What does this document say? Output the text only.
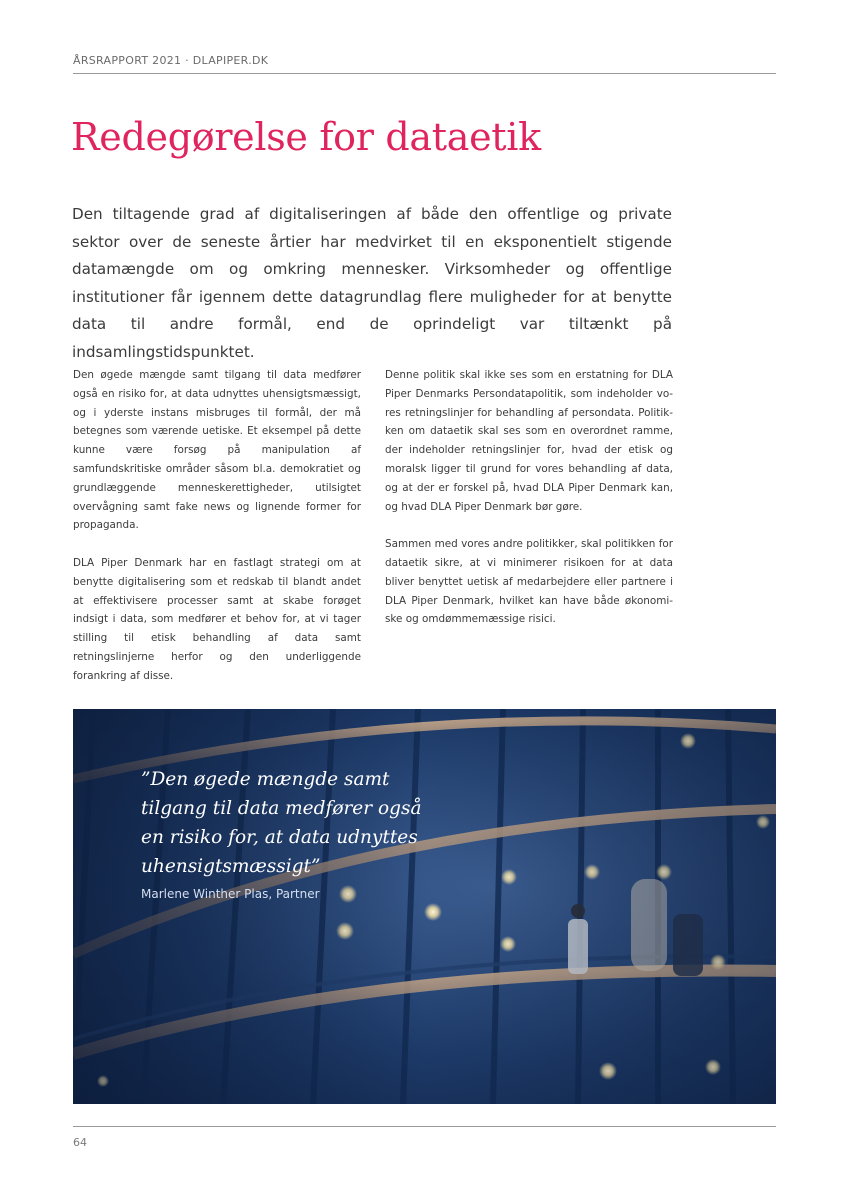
ÅRSRAPPORT 2021 · DLAPIPER.DK
Redegørelse for dataetik

Den tiltagende grad af digitaliseringen af både den offentlige og private sektor over de seneste årtier har medvirket til en eksponentielt stigende datamængde om og omkring mennesker. Virksomheder og offentlige institutioner får igennem dette datagrundlag flere muligheder for at benytte data til andre formål, end de oprindeligt var tiltænkt på indsamlingstidspunktet.

Den øgede mængde samt tilgang til data medfører også en risiko for, at data udnyttes uhensigtsmæssigt, og i yderste instans misbruges til formål, der må betegnes som værende uetiske. Et eksempel på dette kunne være forsøg på manipulation af samfundskritiske områder såsom bl.a. demokratiet og grundlæggende menneskerettigheder, utilsigtet overvågning samt fake news og lignende former for propaganda.

DLA Piper Denmark har en fastlagt strategi om at benytte digitalisering som et redskab til blandt andet at effektivisere processer samt at skabe forøget indsigt i data, som medfører et behov for, at vi tager stilling til etisk behandling af data samt retningslinjerne herfor og den underliggende forankring af disse.

Denne politik skal ikke ses som en erstatning for DLA Piper Denmarks Persondatapolitik, som indeholder vores retningslinjer for behandling af persondata. Politikken om dataetik skal ses som en overordnet ramme, der indeholder retningslinjer for, hvad der etisk og moralsk ligger til grund for vores behandling af data, og at der er forskel på, hvad DLA Piper Denmark kan, og hvad DLA Piper Denmark bør gøre.

Sammen med vores andre politikker, skal politikken for dataetik sikre, at vi minimerer risikoen for at data bliver benyttet uetisk af medarbejdere eller partnere i DLA Piper Denmark, hvilket kan have både økonomiske og omdømmemæssige risici.

”Den øgede mængde samt tilgang til data medfører også en risiko for, at data udnyttes uhensigtsmæssigt”

Marlene Winther Plas, Partner
64
